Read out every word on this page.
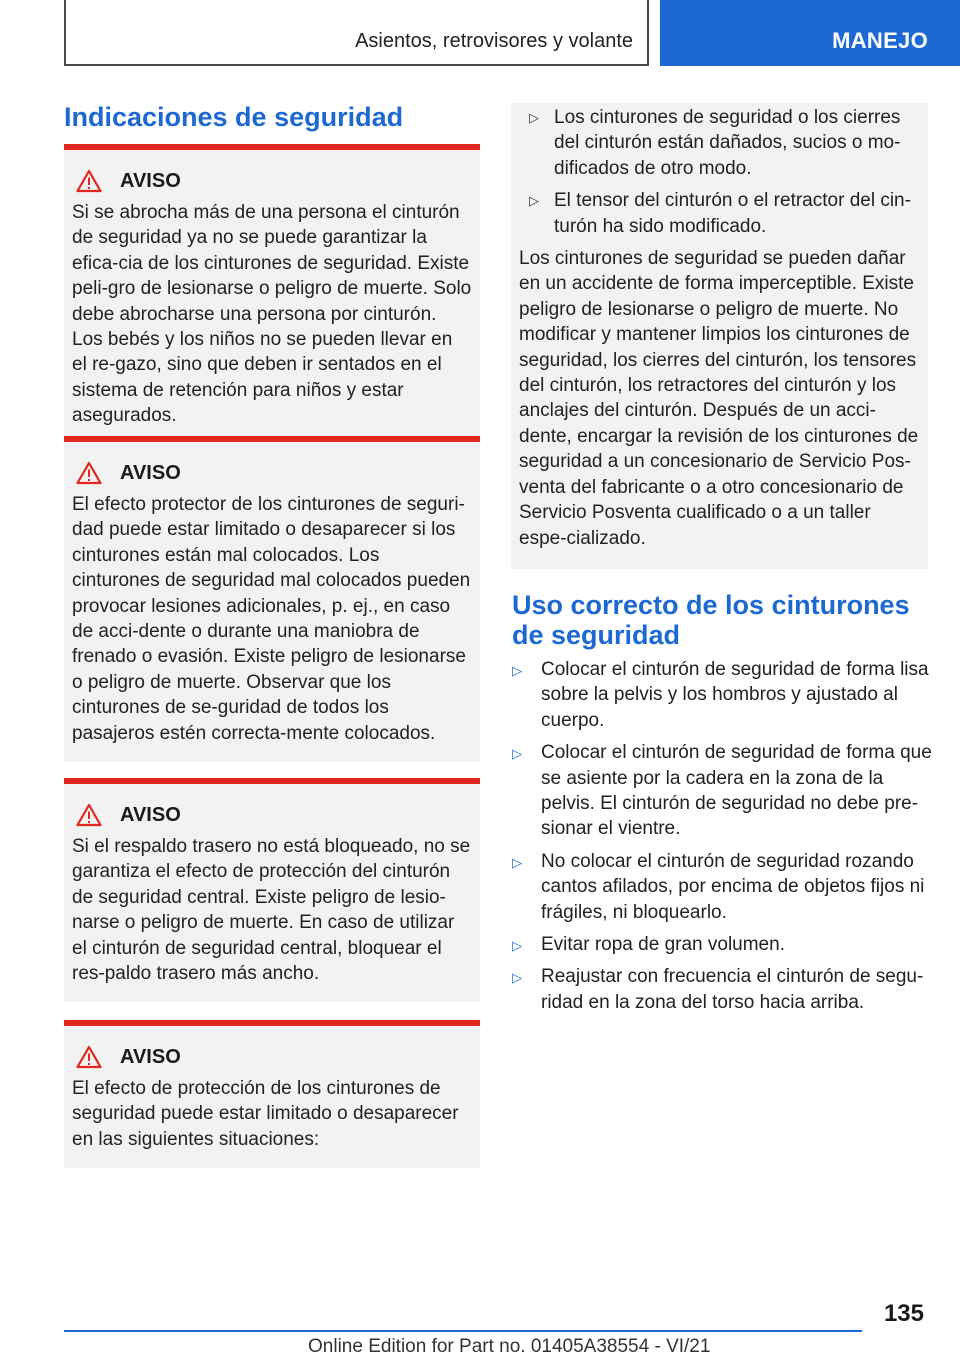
Asientos, retrovisores y volante	MANEJO
Indicaciones de seguridad
AVISO

Si se abrocha más de una persona el cinturón de seguridad ya no se puede garantizar la efica‐cia de los cinturones de seguridad. Existe peli‐gro de lesionarse o peligro de muerte. Solo debe abrocharse una persona por cinturón. Los bebés y los niños no se pueden llevar en el re‐gazo, sino que deben ir sentados en el sistema de retención para niños y estar asegurados.

AVISO

El efecto protector de los cinturones de seguri‐dad puede estar limitado o desaparecer si los cinturones están mal colocados. Los cinturones de seguridad mal colocados pueden provocar lesiones adicionales, p. ej., en caso de acci‐dente o durante una maniobra de frenado o evasión. Existe peligro de lesionarse o peligro de muerte. Observar que los cinturones de se‐guridad de todos los pasajeros estén correcta‐mente colocados.

AVISO

Si el respaldo trasero no está bloqueado, no se garantiza el efecto de protección del cinturón de seguridad central. Existe peligro de lesio‐narse o peligro de muerte. En caso de utilizar el cinturón de seguridad central, bloquear el res‐paldo trasero más ancho.

AVISO

El efecto de protección de los cinturones de seguridad puede estar limitado o desaparecer en las siguientes situaciones:

▷ Los cinturones de seguridad o los cierres del cinturón están dañados, sucios o mo‐dificados de otro modo.
▷ El tensor del cinturón o el retractor del cin‐turón ha sido modificado.

Los cinturones de seguridad se pueden dañar en un accidente de forma imperceptible. Existe peligro de lesionarse o peligro de muerte. No modificar y mantener limpios los cinturones de seguridad, los cierres del cinturón, los tensores del cinturón, los retractores del cinturón y los anclajes del cinturón. Después de un acci‐dente, encargar la revisión de los cinturones de seguridad a un concesionario de Servicio Pos‐venta del fabricante o a otro concesionario de Servicio Posventa cualificado o a un taller espe‐cializado.

Uso correcto de los cinturones de seguridad
▷ Colocar el cinturón de seguridad de forma lisa sobre la pelvis y los hombros y ajustado al cuerpo.
▷ Colocar el cinturón de seguridad de forma que se asiente por la cadera en la zona de la pelvis. El cinturón de seguridad no debe pre‐sionar el vientre.
▷ No colocar el cinturón de seguridad rozando cantos afilados, por encima de objetos fijos ni frágiles, ni bloquearlo.
▷ Evitar ropa de gran volumen.
▷ Reajustar con frecuencia el cinturón de segu‐ridad en la zona del torso hacia arriba.
135
Online Edition for Part no. 01405A38554 - VI/21
